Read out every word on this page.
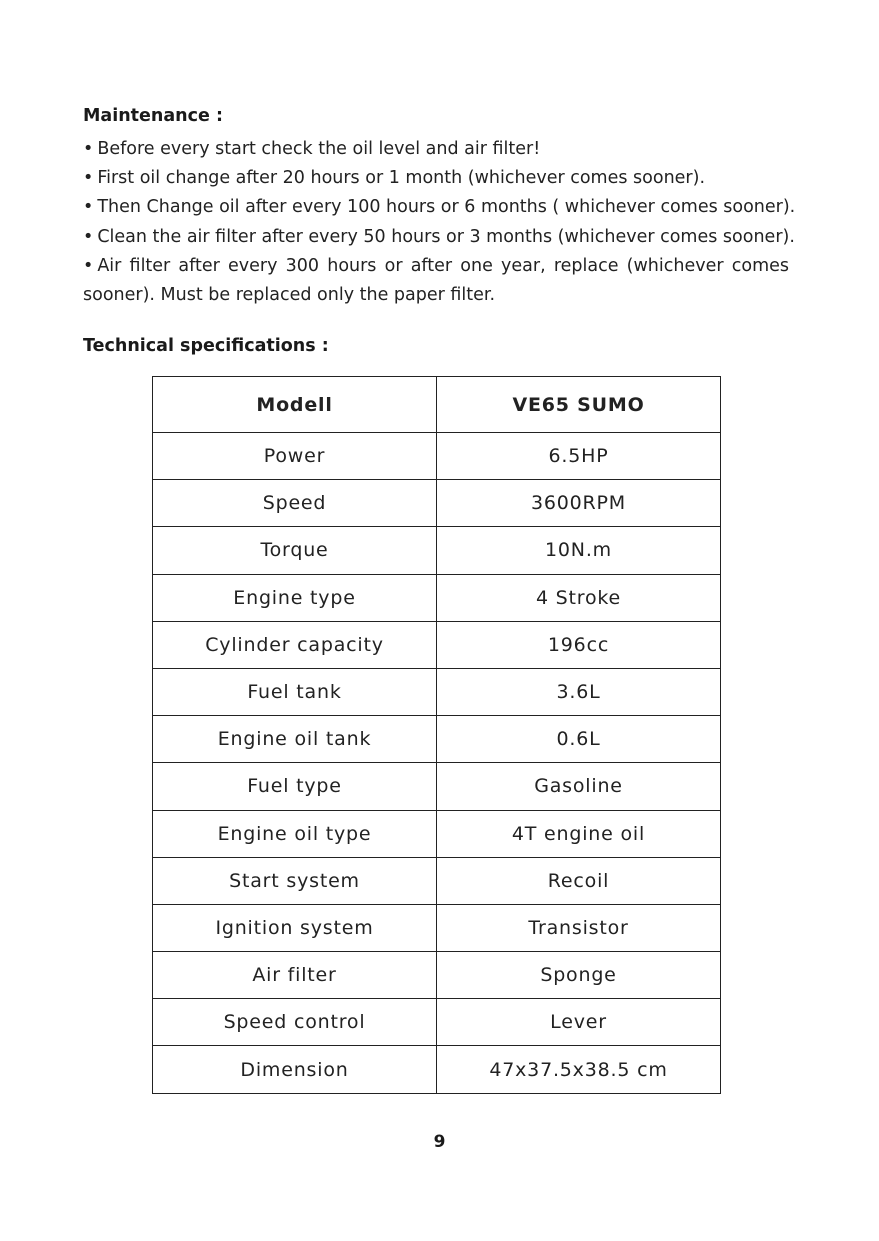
Maintenance :
• Before every start check the oil level and air filter!
• First oil change after 20 hours or 1 month (whichever comes sooner).
• Then Change oil after every 100 hours or 6 months ( whichever comes sooner).
• Clean the air filter after every 50 hours or 3 months (whichever comes sooner).
• Air filter after every 300 hours or after one year, replace (whichever comes sooner). Must be replaced only the paper filter.
Technical specifications :
Modell	VE65 SUMO
Power	6.5HP
Speed	3600RPM
Torque	10N.m
Engine type	4 Stroke
Cylinder capacity	196cc
Fuel tank	3.6L
Engine oil tank	0.6L
Fuel type	Gasoline
Engine oil type	4T engine oil
Start system	Recoil
Ignition system	Transistor
Air filter	Sponge
Speed control	Lever
Dimension	47x37.5x38.5 cm
9
